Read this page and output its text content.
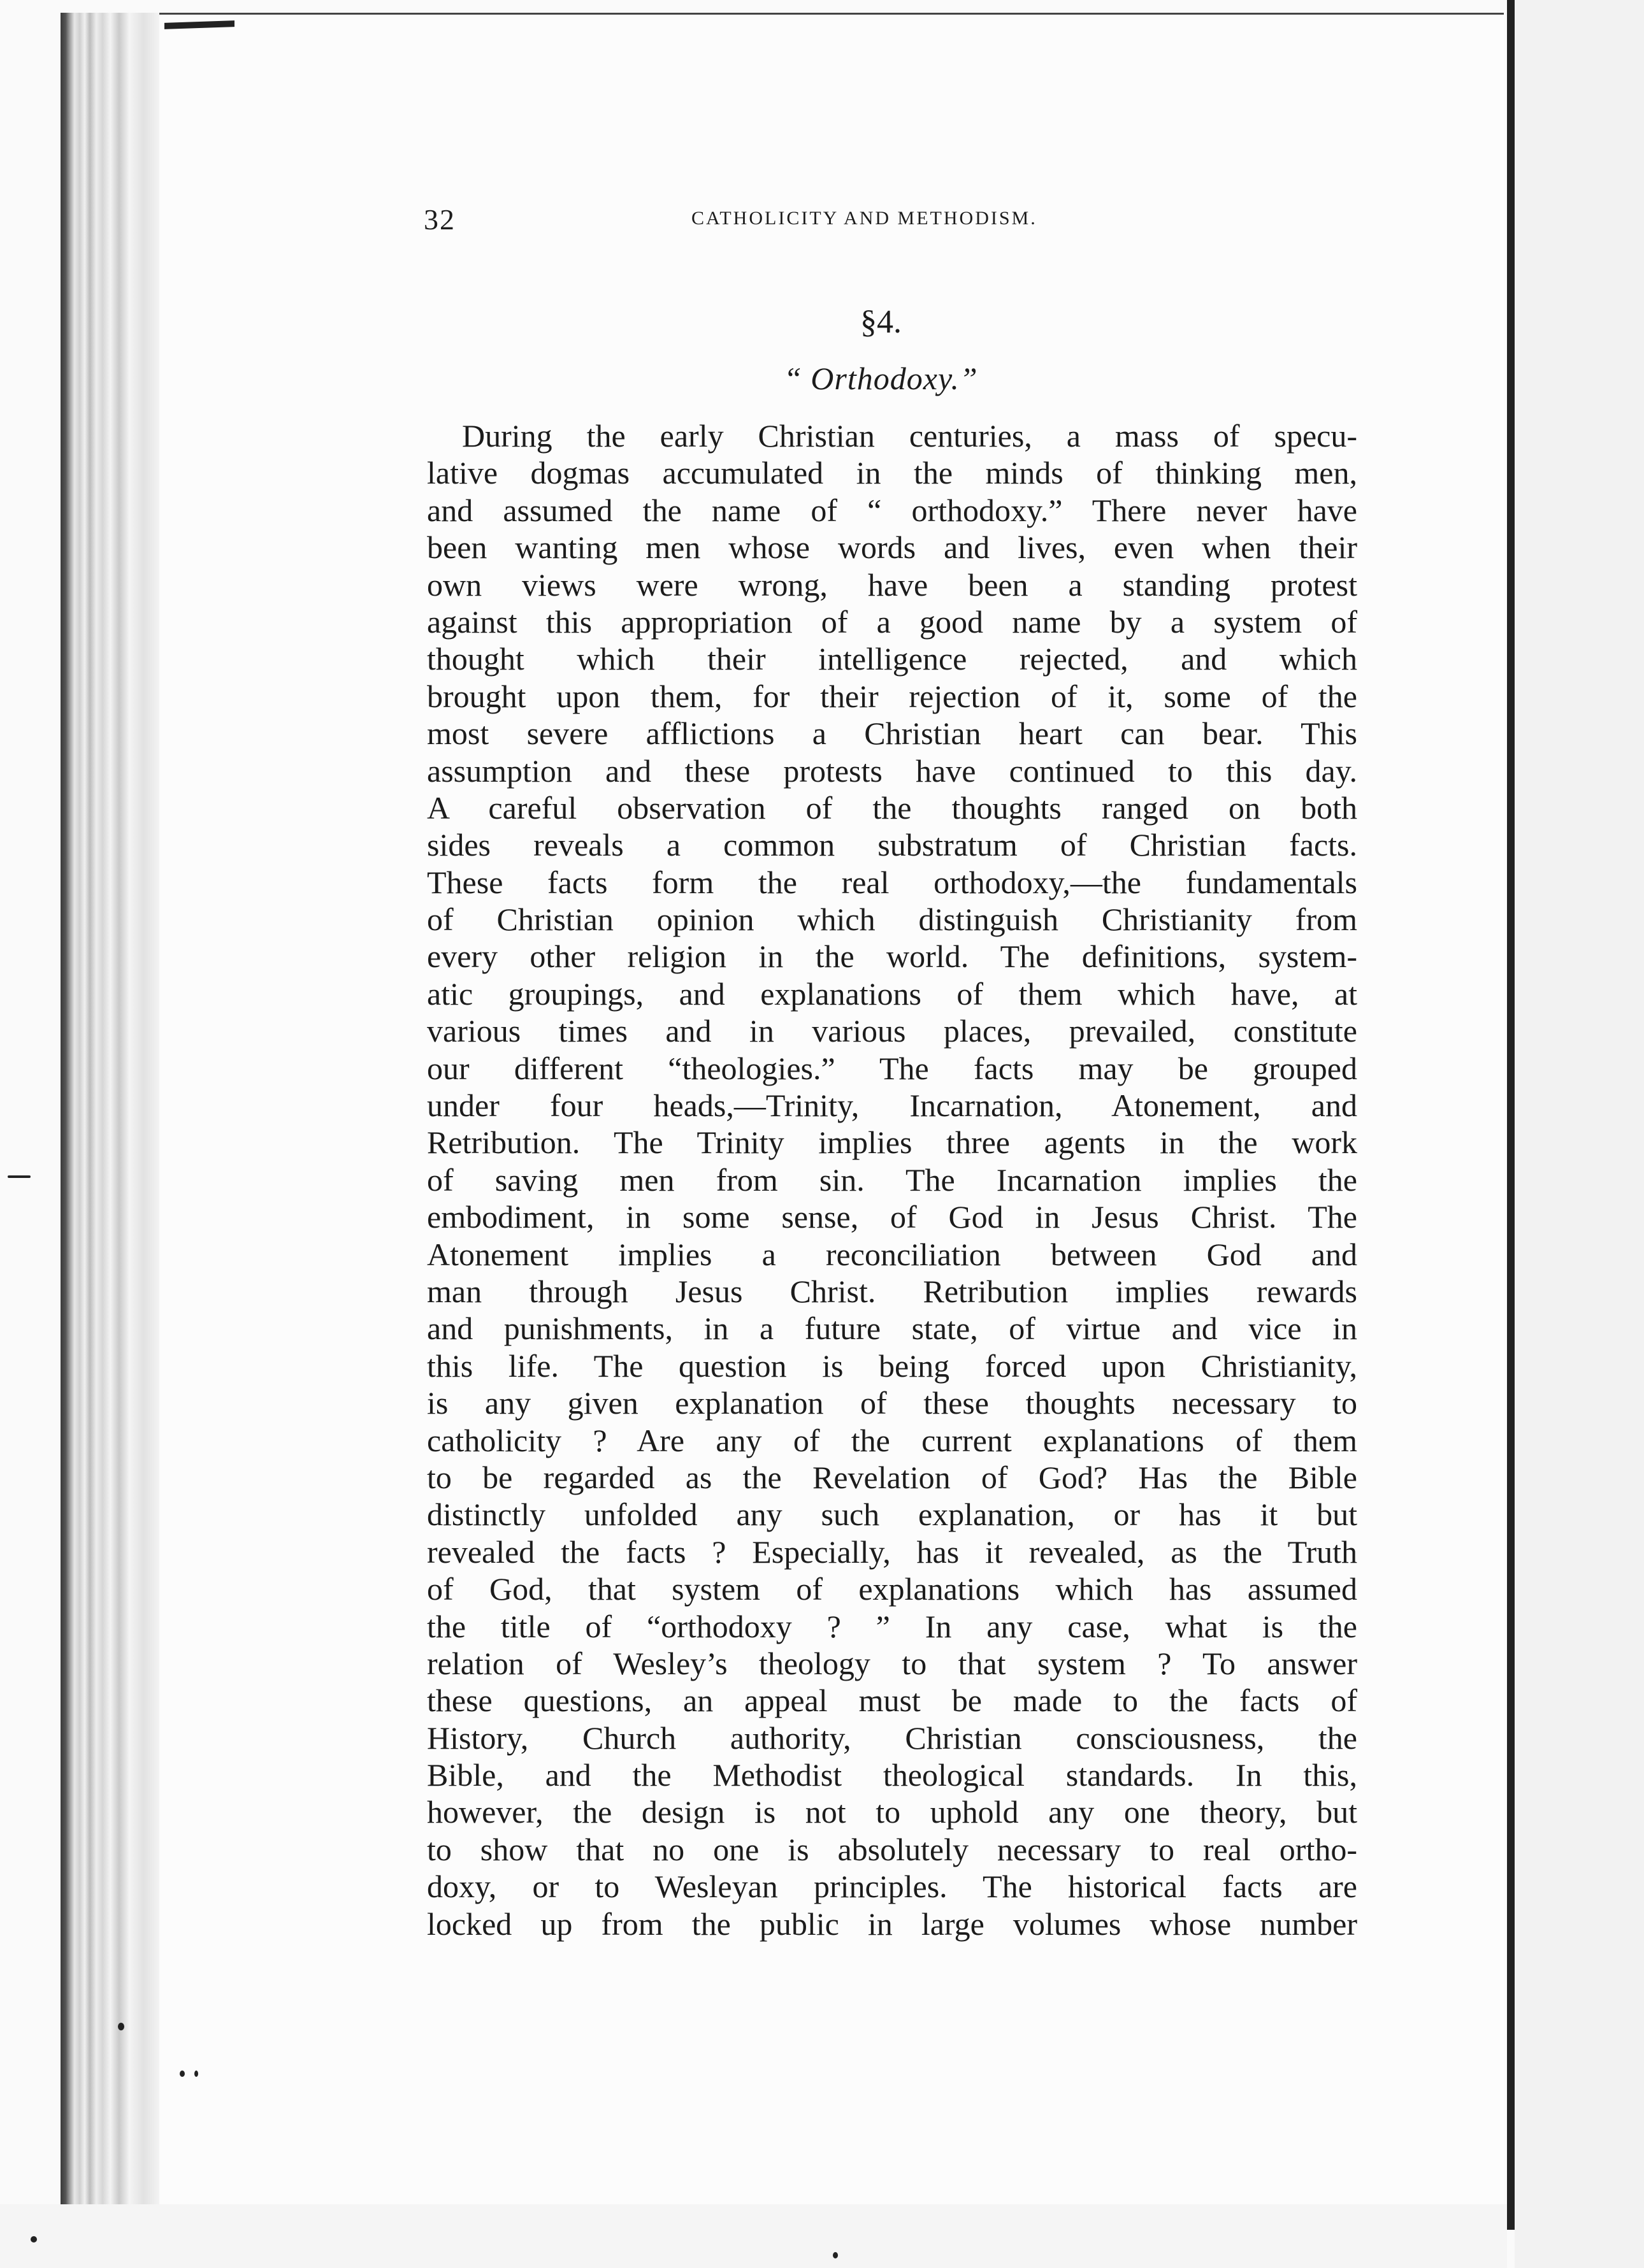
32	CATHOLICITY AND METHODISM.
§4.
“ Orthodoxy.”
During the early Christian centuries, a mass of specu-
lative dogmas accumulated in the minds of thinking men,
and assumed the name of “ orthodoxy.” There never have
been wanting men whose words and lives, even when their
own views were wrong, have been a standing protest
against this appropriation of a good name by a system of
thought which their intelligence rejected, and which
brought upon them, for their rejection of it, some of the
most severe afflictions a Christian heart can bear. This
assumption and these protests have continued to this day.
A careful observation of the thoughts ranged on both
sides reveals a common substratum of Christian facts.
These facts form the real orthodoxy,—the fundamentals
of Christian opinion which distinguish Christianity from
every other religion in the world. The definitions, system-
atic groupings, and explanations of them which have, at
various times and in various places, prevailed, constitute
our different “theologies.” The facts may be grouped
under four heads,—Trinity, Incarnation, Atonement, and
Retribution. The Trinity implies three agents in the work
of saving men from sin. The Incarnation implies the
embodiment, in some sense, of God in Jesus Christ. The
Atonement implies a reconciliation between God and
man through Jesus Christ. Retribution implies rewards
and punishments, in a future state, of virtue and vice in
this life. The question is being forced upon Christianity,
is any given explanation of these thoughts necessary to
catholicity ? Are any of the current explanations of them
to be regarded as the Revelation of God? Has the Bible
distinctly unfolded any such explanation, or has it but
revealed the facts ? Especially, has it revealed, as the Truth
of God, that system of explanations which has assumed
the title of “orthodoxy ? ” In any case, what is the
relation of Wesley’s theology to that system ? To answer
these questions, an appeal must be made to the facts of
History, Church authority, Christian consciousness, the
Bible, and the Methodist theological standards. In this,
however, the design is not to uphold any one theory, but
to show that no one is absolutely necessary to real ortho-
doxy, or to Wesleyan principles. The historical facts are
locked up from the public in large volumes whose number
